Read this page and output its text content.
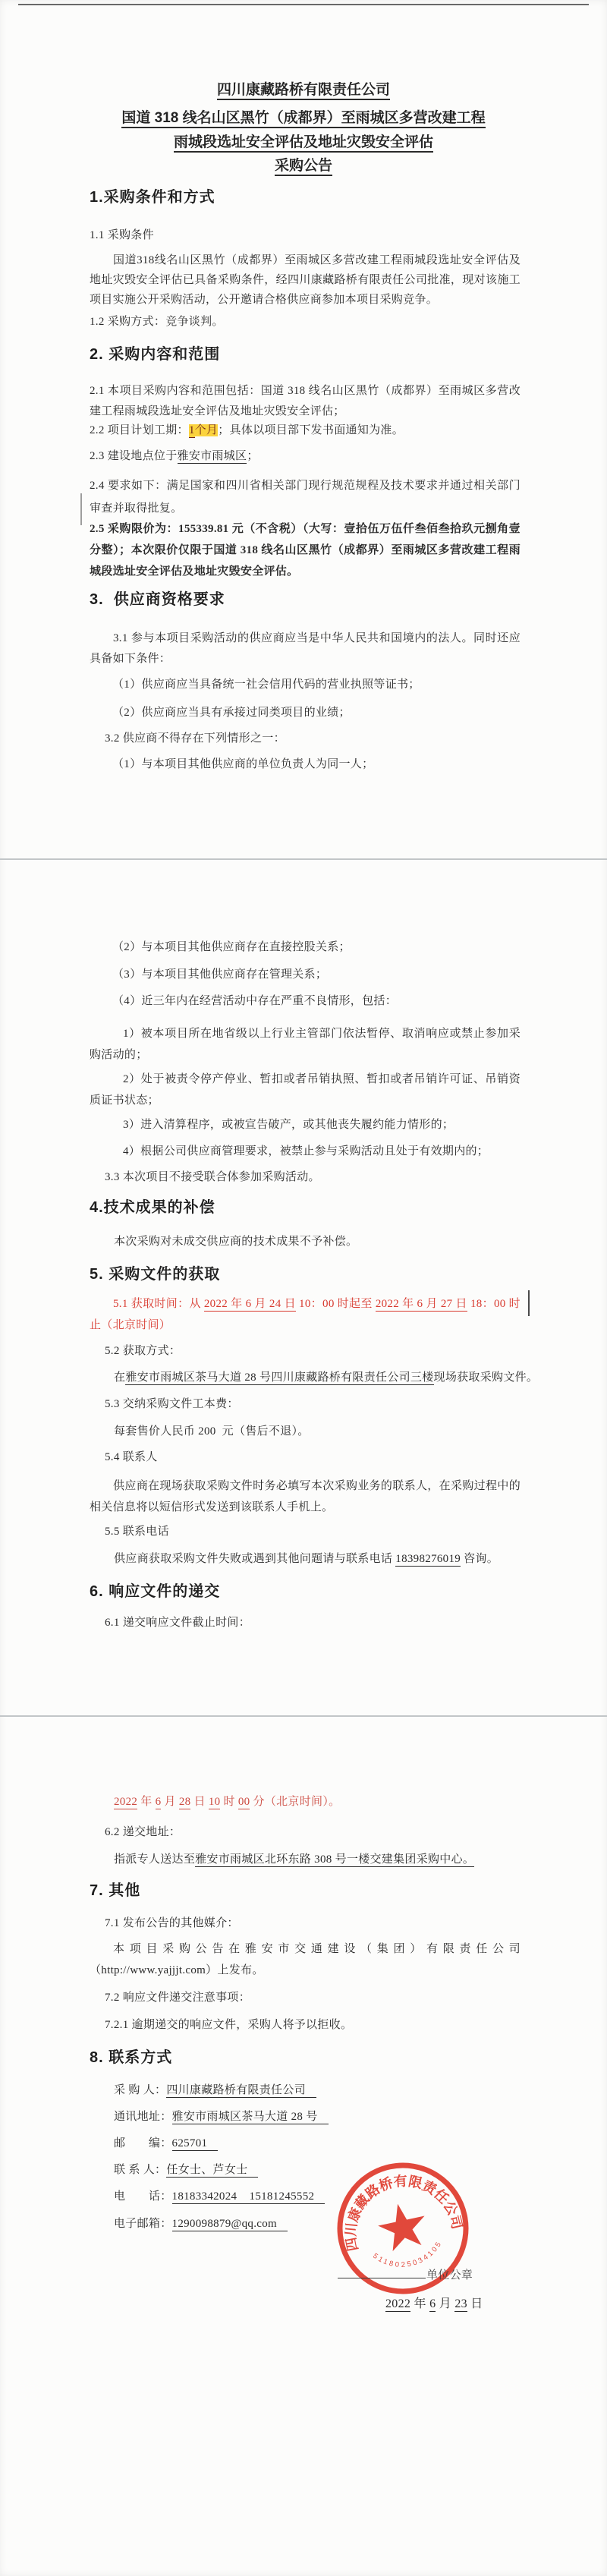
四川康藏路桥有限责任公司
国道 318 线名山区黑竹（成都界）至雨城区多营改建工程
雨城段选址安全评估及地址灾毁安全评估
采购公告
1.采购条件和方式
1.1 采购条件
国道318线名山区黑竹（成都界）至雨城区多营改建工程雨城段选址安全评估及地址灾毁安全评估已具备采购条件，经四川康藏路桥有限责任公司批准，现对该施工项目实施公开采购活动，公开邀请合格供应商参加本项目采购竞争。
1.2 采购方式：竞争谈判。
2. 采购内容和范围
2.1 本项目采购内容和范围包括：国道 318 线名山区黑竹（成都界）至雨城区多营改建工程雨城段选址安全评估及地址灾毁安全评估；
2.2 项目计划工期：1个月；具体以项目部下发书面通知为准。
2.3 建设地点位于雅安市雨城区；
2.4 要求如下：满足国家和四川省相关部门现行规范规程及技术要求并通过相关部门审查并取得批复。
2.5 采购限价为：155339.81 元（不含税）（大写：壹拾伍万伍仟叁佰叁拾玖元捌角壹分整）；本次限价仅限于国道 318 线名山区黑竹（成都界）至雨城区多营改建工程雨城段选址安全评估及地址灾毁安全评估。
3.  供应商资格要求
3.1 参与本项目采购活动的供应商应当是中华人民共和国境内的法人。同时还应具备如下条件：
（1）供应商应当具备统一社会信用代码的营业执照等证书；
（2）供应商应当具有承接过同类项目的业绩；
3.2 供应商不得存在下列情形之一：
（1）与本项目其他供应商的单位负责人为同一人；
（2）与本项目其他供应商存在直接控股关系；
（3）与本项目其他供应商存在管理关系；
（4）近三年内在经营活动中存在严重不良情形，包括：
1）被本项目所在地省级以上行业主管部门依法暂停、取消响应或禁止参加采购活动的；
2）处于被责令停产停业、暂扣或者吊销执照、暂扣或者吊销许可证、吊销资质证书状态；
3）进入清算程序，或被宣告破产，或其他丧失履约能力情形的；
4）根据公司供应商管理要求，被禁止参与采购活动且处于有效期内的；
3.3 本次项目不接受联合体参加采购活动。
4.技术成果的补偿
本次采购对未成交供应商的技术成果不予补偿。
5. 采购文件的获取
5.1 获取时间：从 2022 年 6 月 24 日 10：00 时起至 2022 年 6 月 27 日 18：00 时止（北京时间）
5.2 获取方式：
在雅安市雨城区茶马大道 28 号四川康藏路桥有限责任公司三楼现场获取采购文件。
5.3 交纳采购文件工本费：
每套售价人民币 200  元（售后不退）。
5.4 联系人
供应商在现场获取采购文件时务必填写本次采购业务的联系人，在采购过程中的相关信息将以短信形式发送到该联系人手机上。
5.5 联系电话
供应商获取采购文件失败或遇到其他问题请与联系电话 18398276019 咨询。
6. 响应文件的递交
6.1 递交响应文件截止时间：
2022 年 6 月 28 日 10 时 00 分（北京时间）。
6.2 递交地址：
指派专人送达至雅安市雨城区北环东路 308 号一楼交建集团采购中心。
7. 其他
7.1 发布公告的其他媒介：
本项目采购公告在雅安市交通建设（集团）有限责任公司（http://www.yajjjt.com）上发布。
7.2 响应文件递交注意事项：
7.2.1 逾期递交的响应文件，采购人将予以拒收。
8. 联系方式
采 购 人：四川康藏路桥有限责任公司
通讯地址：雅安市雨城区茶马大道 28 号
邮　　编：625701
联 系 人：任女士、芦女士
电　　话：18183342024    15181245552
电子邮箱：1290098879@qq.com
四川康藏路桥有限责任公司
5118025034105
单位公章
2022 年 6 月 23 日
